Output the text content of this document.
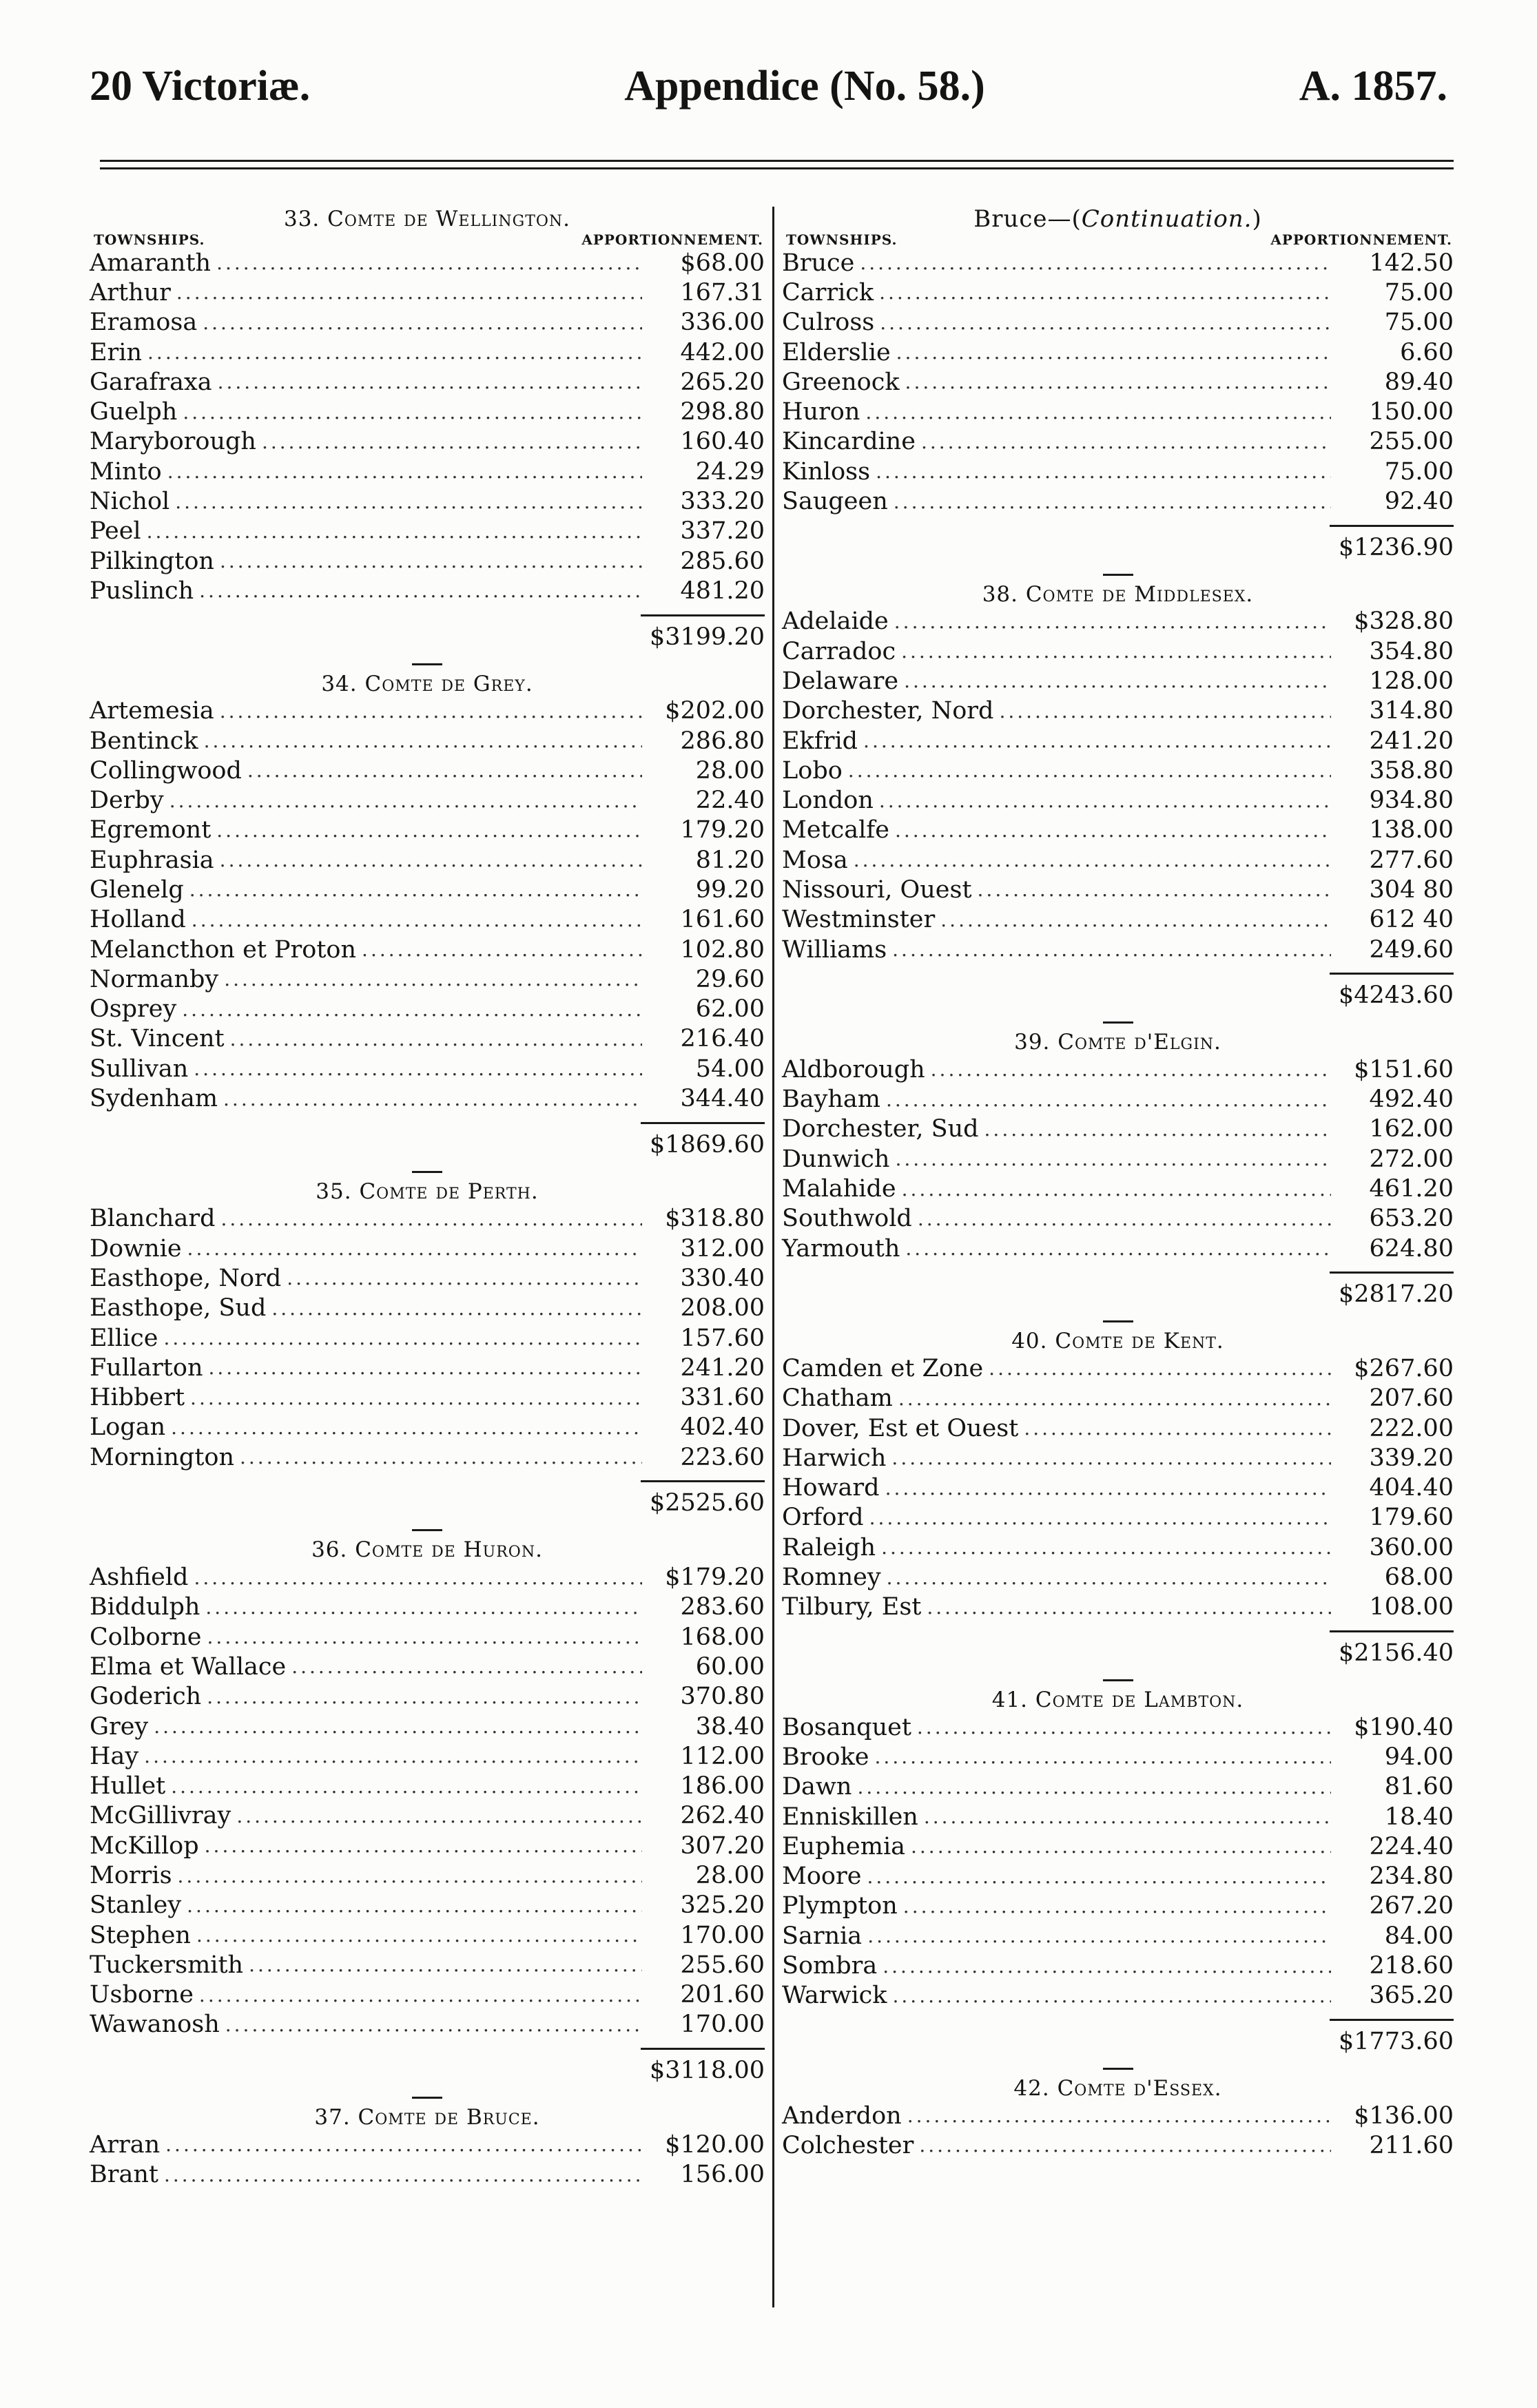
20 Victoriæ.	Appendice (No. 58.)	A. 1857.
33. Comte de Wellington.
TOWNSHIPS.	APPORTIONNEMENT.
Amaranth .....	$68.00
Arthur .....	167.31
Eramosa .....	336.00
Erin .....	442.00
Garafraxa .....	265.20
Guelph .....	298.80
Maryborough .....	160.40
Minto .....	24.29
Nichol .....	333.20
Peel .....	337.20
Pilkington .....	285.60
Puslinch .....	481.20
$3199.20
34. Comte de Grey.
Artemesia .....	$202.00
Bentinck .....	286.80
Collingwood .....	28.00
Derby .....	22.40
Egremont .....	179.20
Euphrasia .....	81.20
Glenelg .....	99.20
Holland .....	161.60
Melancthon et Proton .....	102.80
Normanby .....	29.60
Osprey .....	62.00
St. Vincent .....	216.40
Sullivan .....	54.00
Sydenham .....	344.40
$1869.60
35. Comte de Perth.
Blanchard .....	$318.80
Downie .....	312.00
Easthope, Nord .....	330.40
Easthope, Sud .....	208.00
Ellice .....	157.60
Fullarton .....	241.20
Hibbert .....	331.60
Logan .....	402.40
Mornington .....	223.60
$2525.60
36. Comte de Huron.
Ashfield .....	$179.20
Biddulph .....	283.60
Colborne .....	168.00
Elma et Wallace .....	60.00
Goderich .....	370.80
Grey .....	38.40
Hay .....	112.00
Hullet .....	186.00
McGillivray .....	262.40
McKillop .....	307.20
Morris .....	28.00
Stanley .....	325.20
Stephen .....	170.00
Tuckersmith .....	255.60
Usborne .....	201.60
Wawanosh .....	170.00
$3118.00
37. Comte de Bruce.
Arran .....	$120.00
Brant .....	156.00
Bruce—(Continuation.)
TOWNSHIPS.	APPORTIONNEMENT.
Bruce .....	142.50
Carrick .....	75.00
Culross .....	75.00
Elderslie .....	6.60
Greenock .....	89.40
Huron .....	150.00
Kincardine .....	255.00
Kinloss .....	75.00
Saugeen .....	92.40
$1236.90
38. Comte de Middlesex.
Adelaide .....	$328.80
Carradoc .....	354.80
Delaware .....	128.00
Dorchester, Nord .....	314.80
Ekfrid .....	241.20
Lobo .....	358.80
London .....	934.80
Metcalfe .....	138.00
Mosa .....	277.60
Nissouri, Ouest .....	304 80
Westminster .....	612 40
Williams .....	249.60
$4243.60
39. Comte d'Elgin.
Aldborough .....	$151.60
Bayham .....	492.40
Dorchester, Sud .....	162.00
Dunwich .....	272.00
Malahide .....	461.20
Southwold .....	653.20
Yarmouth .....	624.80
$2817.20
40. Comte de Kent.
Camden et Zone .....	$267.60
Chatham .....	207.60
Dover, Est et Ouest .....	222.00
Harwich .....	339.20
Howard .....	404.40
Orford .....	179.60
Raleigh .....	360.00
Romney .....	68.00
Tilbury, Est .....	108.00
$2156.40
41. Comte de Lambton.
Bosanquet .....	$190.40
Brooke .....	94.00
Dawn .....	81.60
Enniskillen .....	18.40
Euphemia .....	224.40
Moore .....	234.80
Plympton .....	267.20
Sarnia .....	84.00
Sombra .....	218.60
Warwick .....	365.20
$1773.60
42. Comte d'Essex.
Anderdon .....	$136.00
Colchester .....	211.60
